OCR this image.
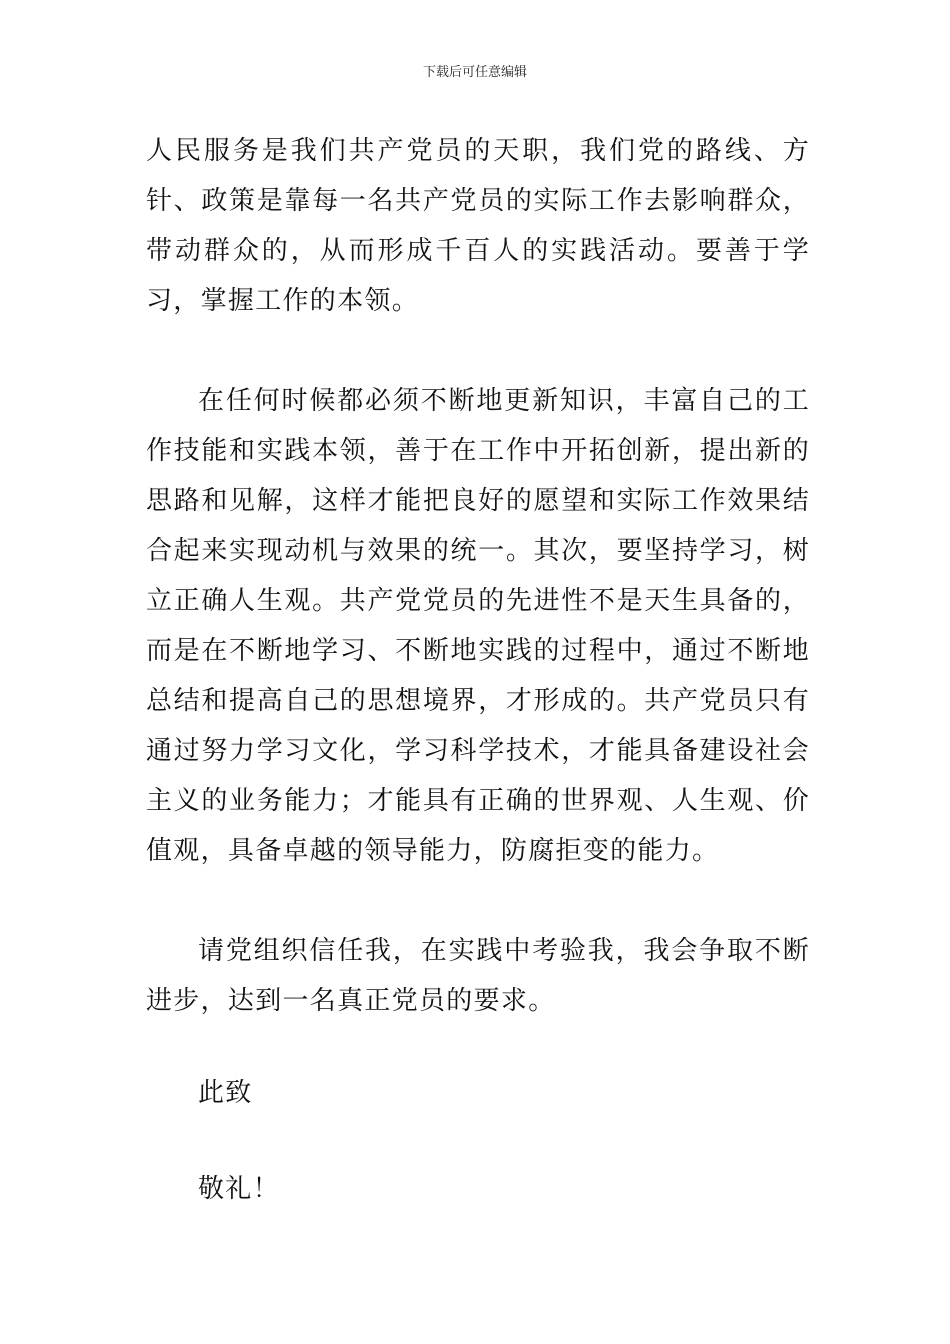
下载后可任意编辑

人民服务是我们共产党员的天职，我们党的路线、方针、政策是靠每一名共产党员的实际工作去影响群众，带动群众的，从而形成千百人的实践活动。要善于学习，掌握工作的本领。

在任何时候都必须不断地更新知识，丰富自己的工作技能和实践本领，善于在工作中开拓创新，提出新的思路和见解，这样才能把良好的愿望和实际工作效果结合起来实现动机与效果的统一。其次，要坚持学习，树立正确人生观。共产党党员的先进性不是天生具备的，而是在不断地学习、不断地实践的过程中，通过不断地总结和提高自己的思想境界，才形成的。共产党员只有通过努力学习文化，学习科学技术，才能具备建设社会主义的业务能力；才能具有正确的世界观、人生观、价值观，具备卓越的领导能力，防腐拒变的能力。

请党组织信任我，在实践中考验我，我会争取不断进步，达到一名真正党员的要求。

此致

敬礼！
